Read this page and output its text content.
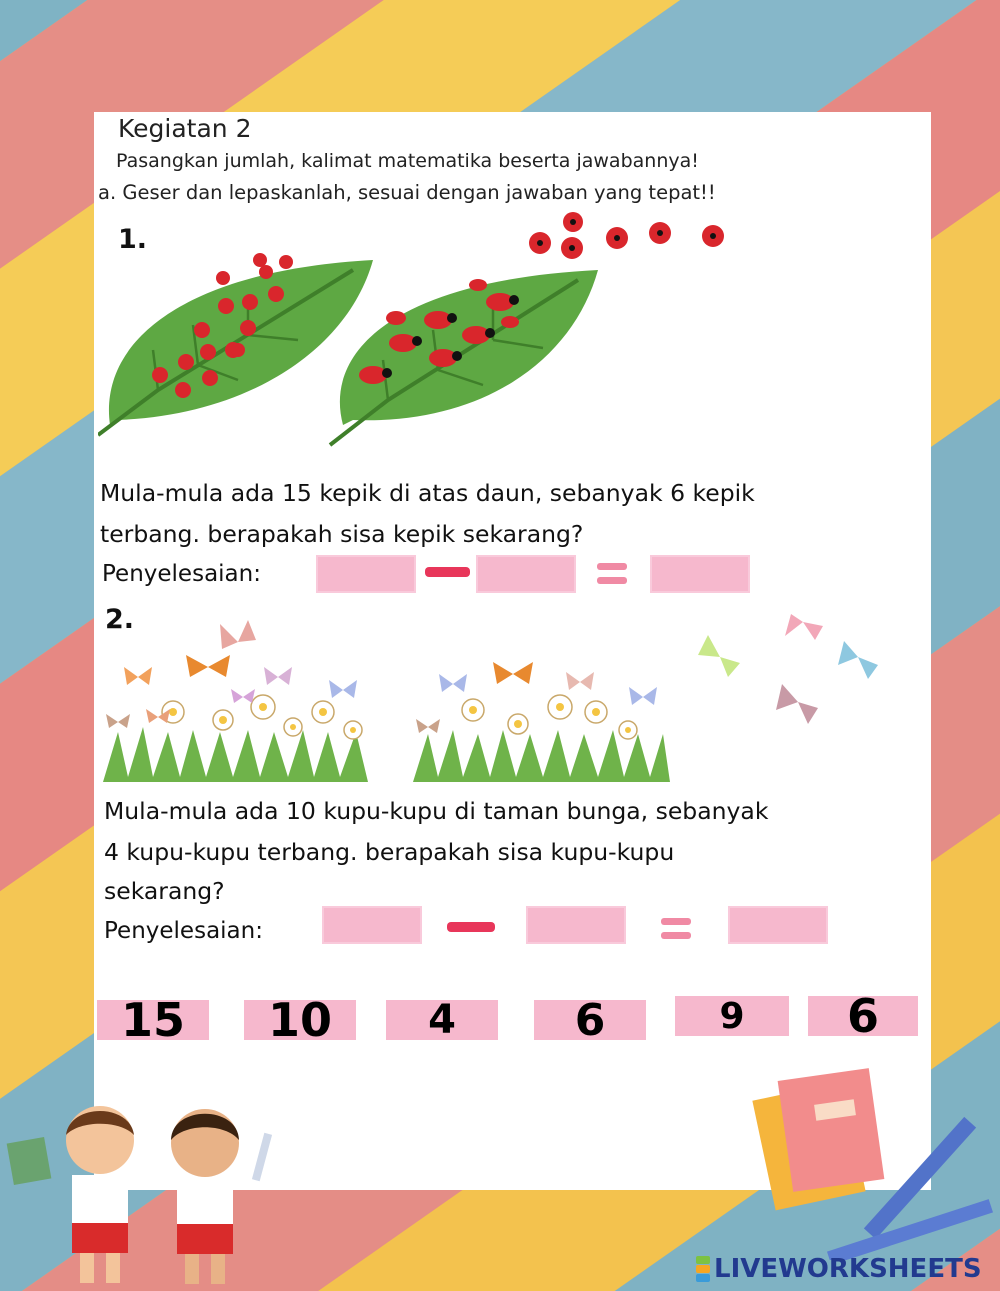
Kegiatan 2
Pasangkan jumlah, kalimat matematika beserta jawabannya!
a. Geser dan lepaskanlah, sesuai dengan jawaban yang tepat!!
1.
Mula-mula ada 15 kepik di atas daun, sebanyak 6 kepik
terbang. berapakah sisa kepik sekarang?
Penyelesaian:
2.
Mula-mula ada 10 kupu-kupu di taman bunga, sebanyak
4 kupu-kupu terbang. berapakah sisa kupu-kupu
sekarang?
Penyelesaian:
15	10	4	6	9	6
LIVEWORKSHEETS
